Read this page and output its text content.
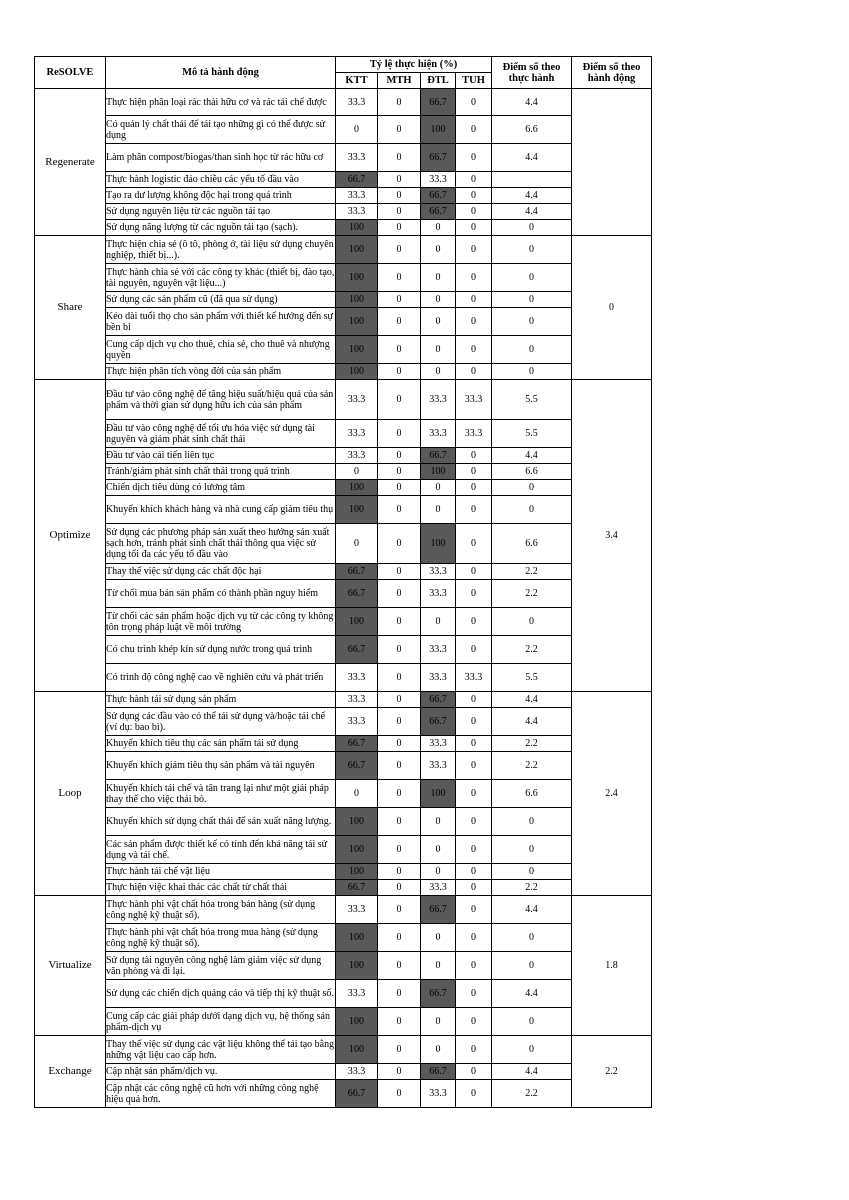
ReSOLVE	Mô tả hành động	Tỷ lệ thực hiện (%)				Điểm số theo thực hành	Điểm số theo hành động
		KTT	MTH	ĐTL	TUH		
Regenerate	Thực hiện phân loại rác thải hữu cơ và rác tái chế được	33.3	0	66.7	0	4.4	
	Có quản lý chất thải để tái tạo những gì có thể được sử dụng	0	0	100	0	6.6	
	Làm phân compost/biogas/than sinh học từ rác hữu cơ	33.3	0	66.7	0	4.4	
	Thực hành logistic đảo chiều các yếu tố đầu vào	66.7	0	33.3	0		
	Tạo ra dư lượng không độc hại trong quá trình	33.3	0	66.7	0	4.4	
	Sử dụng nguyên liệu từ các nguồn tái tạo	33.3	0	66.7	0	4.4	
	Sử dụng năng lượng từ các nguồn tái tạo (sạch).	100	0	0	0	0	
Share	Thực hiện chia sẻ (ô tô, phòng ở, tài liệu sử dụng chuyên nghiệp, thiết bị...).	100	0	0	0	0	0
	Thực hành chia sẻ với các công ty khác (thiết bị, đào tạo, tài nguyên, nguyên vật liệu...)	100	0	0	0	0	
	Sử dụng các sản phẩm cũ (đã qua sử dụng)	100	0	0	0	0	
	Kéo dài tuổi thọ cho sản phẩm với thiết kế hướng đến sự bền bỉ	100	0	0	0	0	
	Cung cấp dịch vụ cho thuê, chia sẻ, cho thuê và nhượng quyền	100	0	0	0	0	
	Thực hiện phân tích vòng đời của sản phẩm	100	0	0	0	0	
Optimize	Đầu tư vào công nghệ để tăng hiệu suất/hiệu quả của sản phẩm và thời gian sử dụng hữu ích của sản phẩm	33.3	0	33.3	33.3	5.5	3.4
	Đầu tư vào công nghệ để tối ưu hóa việc sử dụng tài nguyên và giảm phát sinh chất thải	33.3	0	33.3	33.3	5.5	
	Đầu tư vào cải tiến liên tục	33.3	0	66.7	0	4.4	
	Tránh/giảm phát sinh chất thải trong quá trình	0	0	100	0	6.6	
	Chiến dịch tiêu dùng có lương tâm	100	0	0	0	0	
	Khuyến khích khách hàng và nhà cung cấp giảm tiêu thụ	100	0	0	0	0	
	Sử dụng các phương pháp sản xuất theo hướng sản xuất sạch hơn, tránh phát sinh chất thải thông qua việc sử dụng tối đa các yếu tố đầu vào	0	0	100	0	6.6	
	Thay thế việc sử dụng các chất độc hại	66.7	0	33.3	0	2.2	
	Từ chối mua bán sản phẩm có thành phần nguy hiểm	66.7	0	33.3	0	2.2	
	Từ chối các sản phẩm hoặc dịch vụ từ các công ty không tôn trọng pháp luật về môi trường	100	0	0	0	0	
	Có chu trình khép kín sử dụng nước trong quá trình	66.7	0	33.3	0	2.2	
	Có trình độ công nghệ cao về nghiên cứu và phát triển	33.3	0	33.3	33.3	5.5	
Loop	Thực hành tái sử dụng sản phẩm	33.3	0	66.7	0	4.4	2.4
	Sử dụng các đầu vào có thể tái sử dụng và/hoặc tái chế (ví dụ: bao bì).	33.3	0	66.7	0	4.4	
	Khuyến khích tiêu thụ các sản phẩm tái sử dụng	66.7	0	33.3	0	2.2	
	Khuyến khích giảm tiêu thụ sản phẩm và tài nguyên	66.7	0	33.3	0	2.2	
	Khuyến khích tái chế và tân trang lại như một giải pháp thay thế cho việc thải bỏ.	0	0	100	0	6.6	
	Khuyến khích sử dụng chất thải để sản xuất năng lượng.	100	0	0	0	0	
	Các sản phẩm được thiết kế có tính đến khả năng tái sử dụng và tái chế.	100	0	0	0	0	
	Thực hành tái chế vật liệu	100	0	0	0	0	
	Thực hiện việc khai thác các chất từ chất thải	66.7	0	33.3	0	2.2	
Virtualize	Thực hành phi vật chất hóa trong bán hàng (sử dụng công nghệ kỹ thuật số).	33.3	0	66.7	0	4.4	1.8
	Thực hành phi vật chất hóa trong mua hàng (sử dụng công nghệ kỹ thuật số).	100	0	0	0	0	
	Sử dụng tài nguyên công nghệ làm giảm việc sử dụng văn phòng và đi lại.	100	0	0	0	0	
	Sử dụng các chiến dịch quảng cáo và tiếp thị kỹ thuật số.	33.3	0	66.7	0	4.4	
	Cung cấp các giải pháp dưới dạng dịch vụ, hệ thống sản phẩm-dịch vụ	100	0	0	0	0	
Exchange	Thay thế việc sử dụng các vật liệu không thể tái tạo bằng những vật liệu cao cấp hơn.	100	0	0	0	0	2.2
	Cập nhật sản phẩm/dịch vụ.	33.3	0	66.7	0	4.4	
	Cập nhật các công nghệ cũ hơn với những công nghệ hiệu quả hơn.	66.7	0	33.3	0	2.2	
